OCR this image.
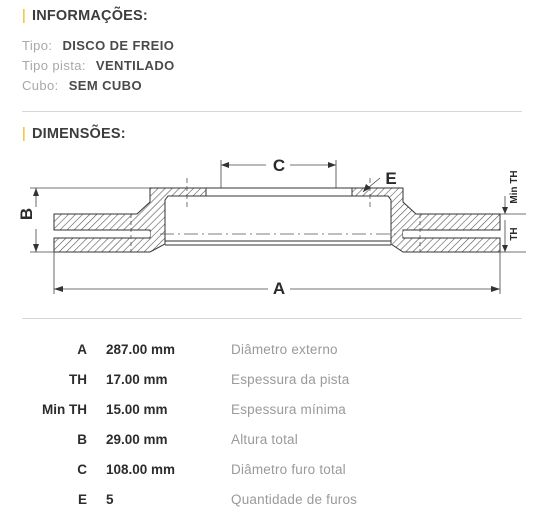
| INFORMAÇÕES:
Tipo: DISCO DE FREIO
Tipo pista: VENTILADO
Cubo: SEM CUBO
| DIMENSÕES:
C
E
B
Min TH
TH
A
A 287.00 mm	Diâmetro externo
TH 17.00 mm	Espessura da pista
Min TH 15.00 mm	Espessura mínima
B 29.00 mm	Altura total
C 108.00 mm	Diâmetro furo total
E 5	Quantidade de furos
